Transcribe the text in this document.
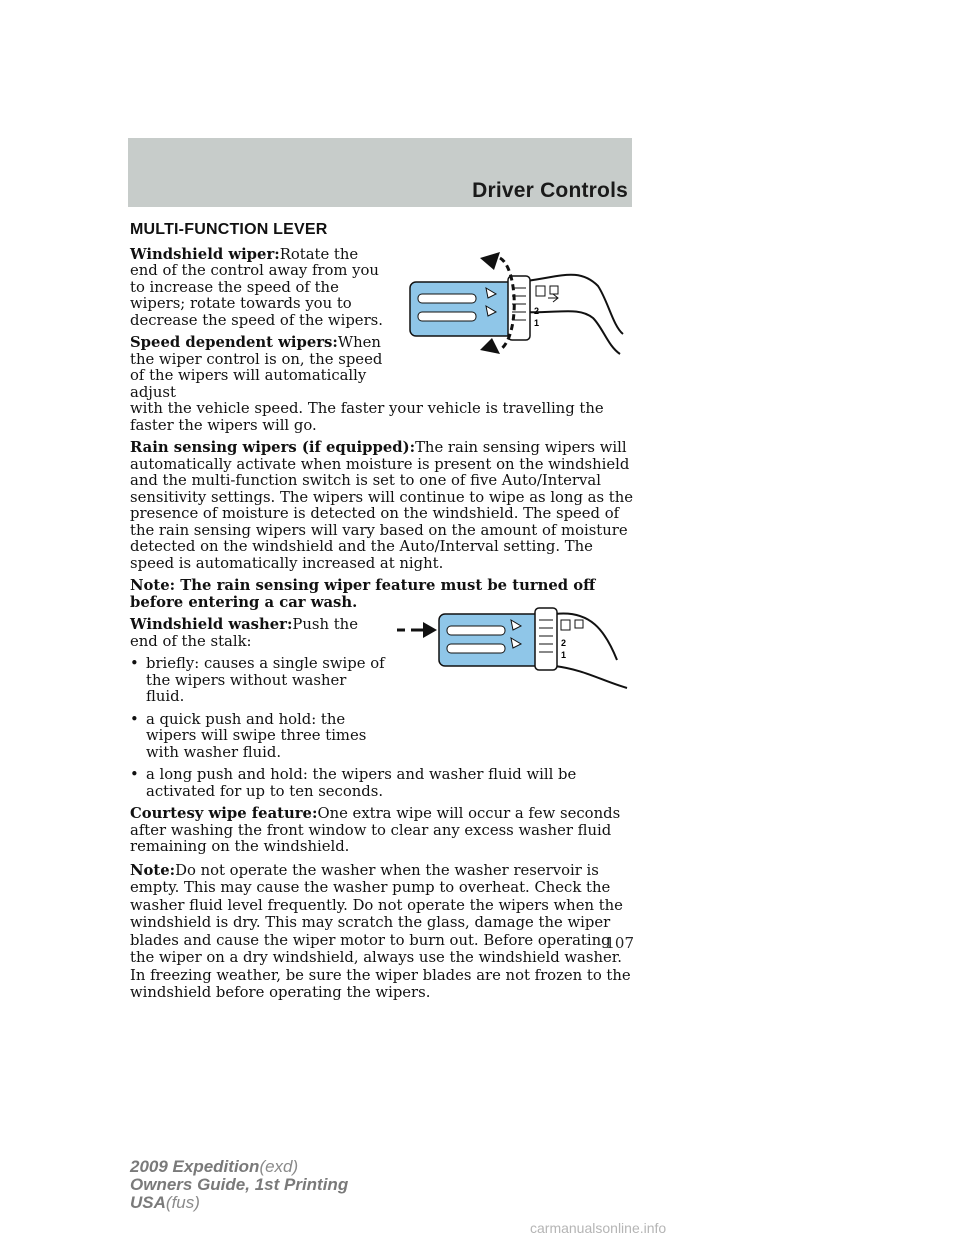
Driver Controls
MULTI-FUNCTION LEVER

Windshield wiper:Rotate the end of the control away from you to increase the speed of the wipers; rotate towards you to decrease the speed of the wipers.

Speed dependent wipers:When the wiper control is on, the speed of the wipers will automatically adjust
with the vehicle speed. The faster your vehicle is travelling the faster the wipers will go.

Rain sensing wipers (if equipped):The rain sensing wipers will automatically activate when moisture is present on the windshield and the multi-function switch is set to one of five Auto/Interval sensitivity settings. The wipers will continue to wipe as long as the presence of moisture is detected on the windshield. The speed of the rain sensing wipers will vary based on the amount of moisture detected on the windshield and the Auto/Interval setting. The speed is automatically increased at night.

Note: The rain sensing wiper feature must be turned off before entering a car wash.

Windshield washer:Push the end of the stalk:

• briefly: causes a single swipe of the wipers without washer fluid.
• a quick push and hold: the wipers will swipe three times with washer fluid.
• a long push and hold: the wipers and washer fluid will be activated for up to ten seconds.

Courtesy wipe feature:One extra wipe will occur a few seconds after washing the front window to clear any excess washer fluid remaining on the windshield.

Note:Do not operate the washer when the washer reservoir is empty. This may cause the washer pump to overheat. Check the washer fluid level frequently. Do not operate the wipers when the windshield is dry. This may scratch the glass, damage the wiper blades and cause the wiper motor to burn out. Before operating the wiper on a dry windshield, always use the windshield washer. In freezing weather, be sure the wiper blades are not frozen to the windshield before operating the wipers.

2
1
2
1
107
2009 Expedition(exd)
Owners Guide, 1st Printing
USA(fus)
carmanualsonline.info
